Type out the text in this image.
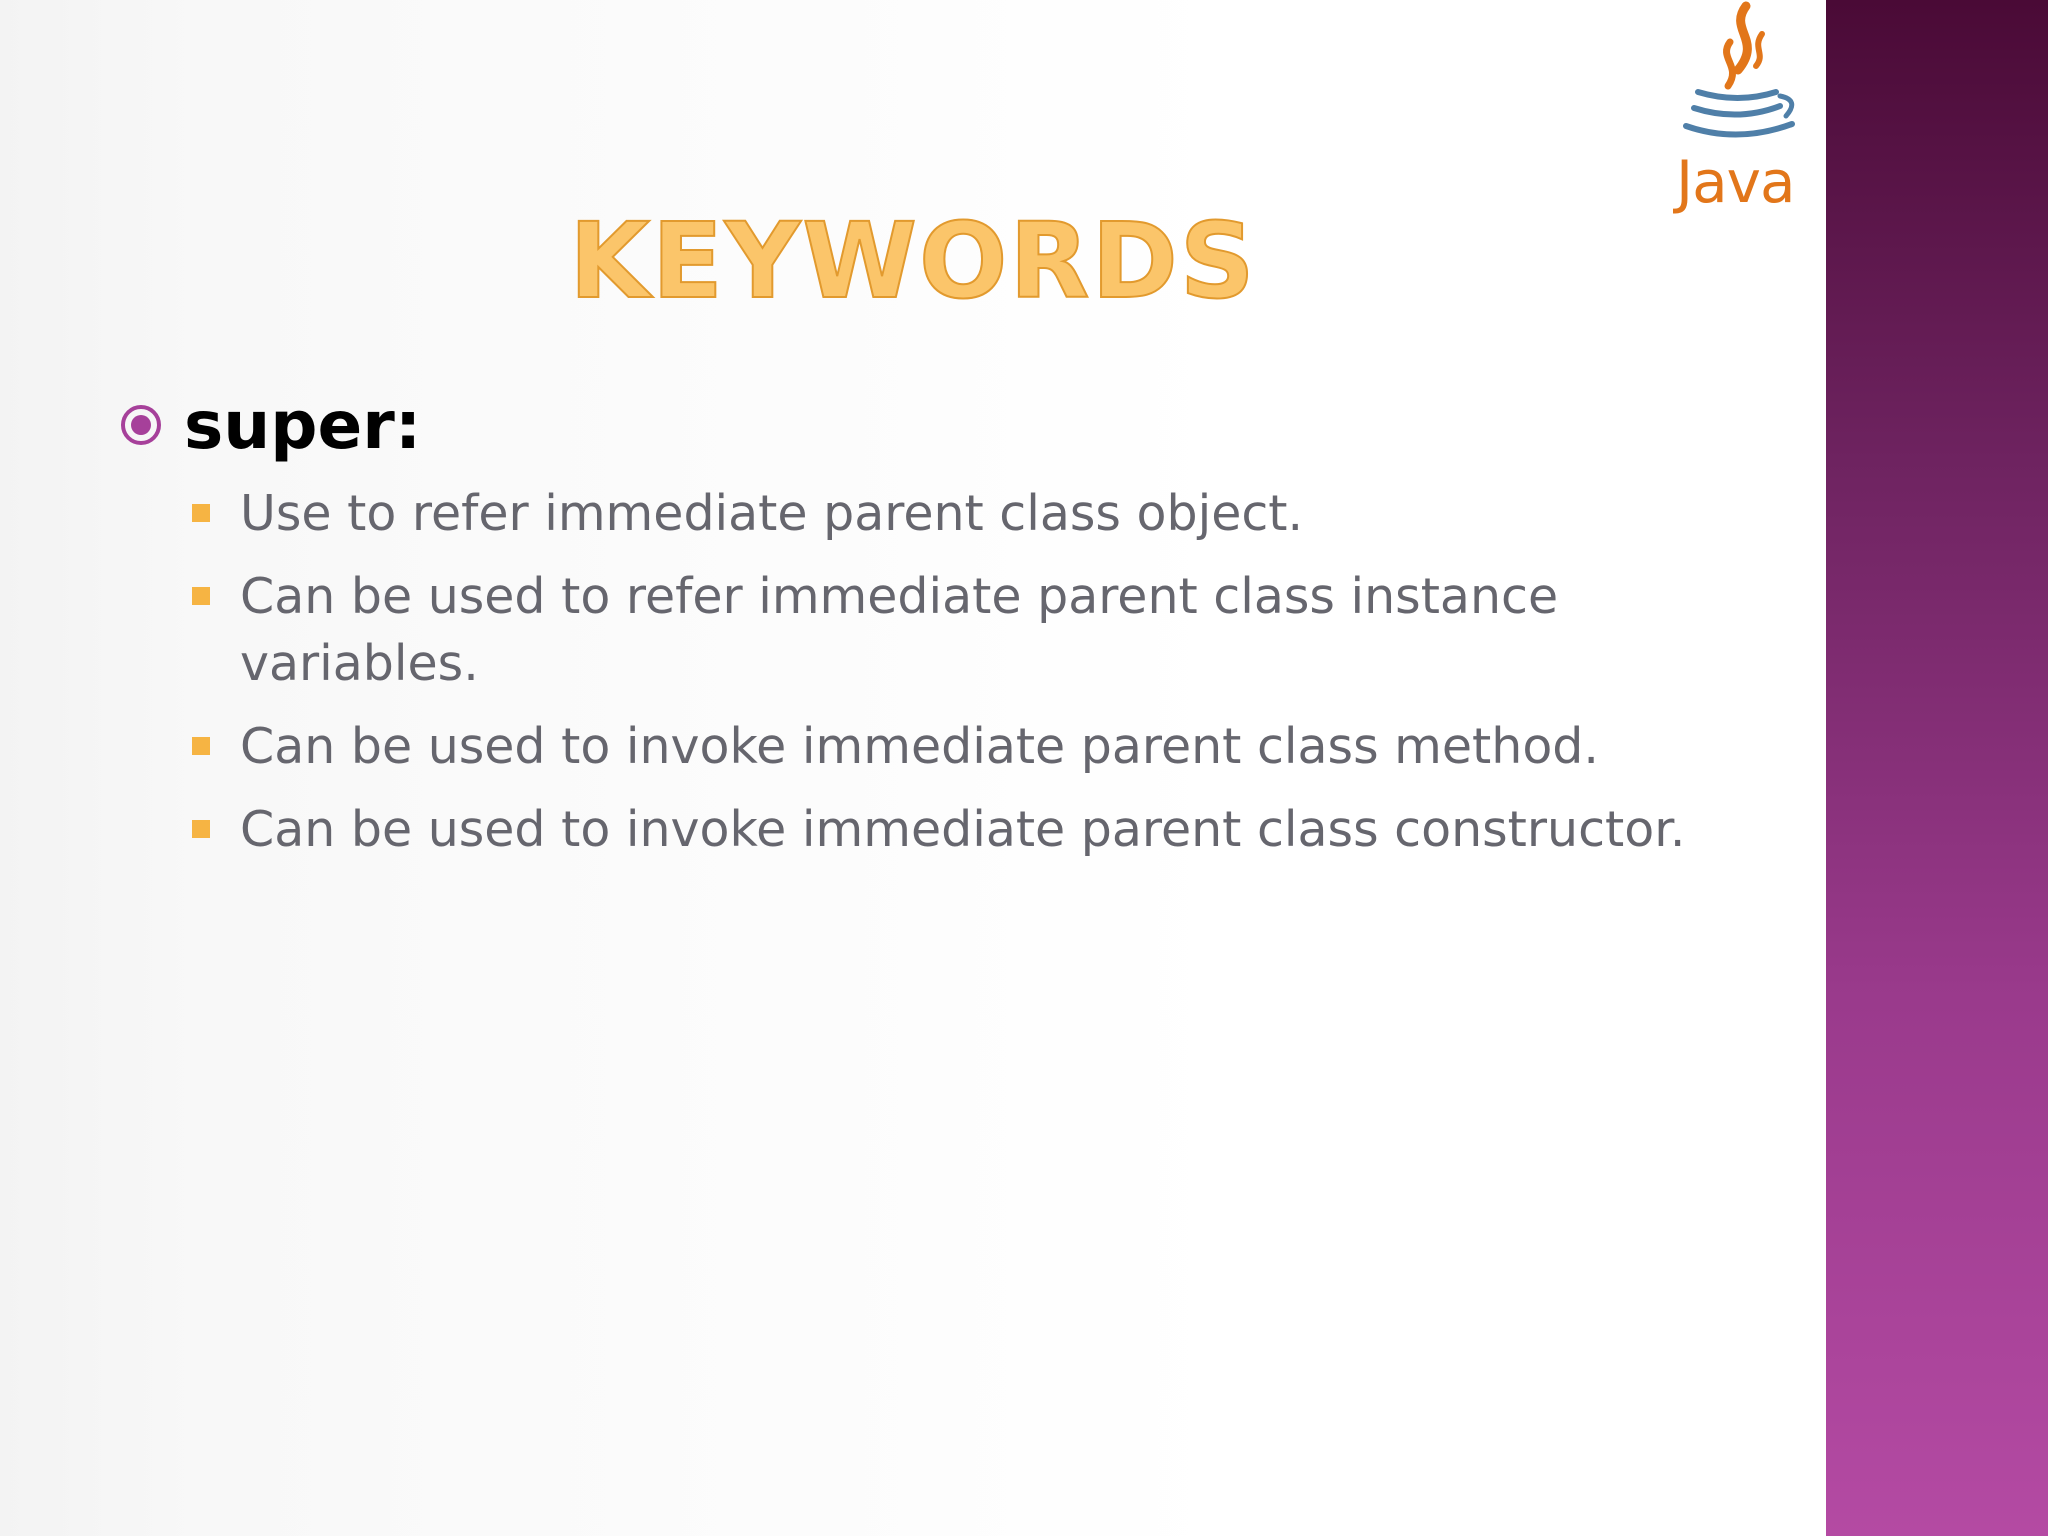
Java
KEYWORDS
super:
Use to refer immediate parent class object.
Can be used to refer immediate parent class instance variables.
Can be used to invoke immediate parent class method.
Can be used to invoke immediate parent class constructor.
